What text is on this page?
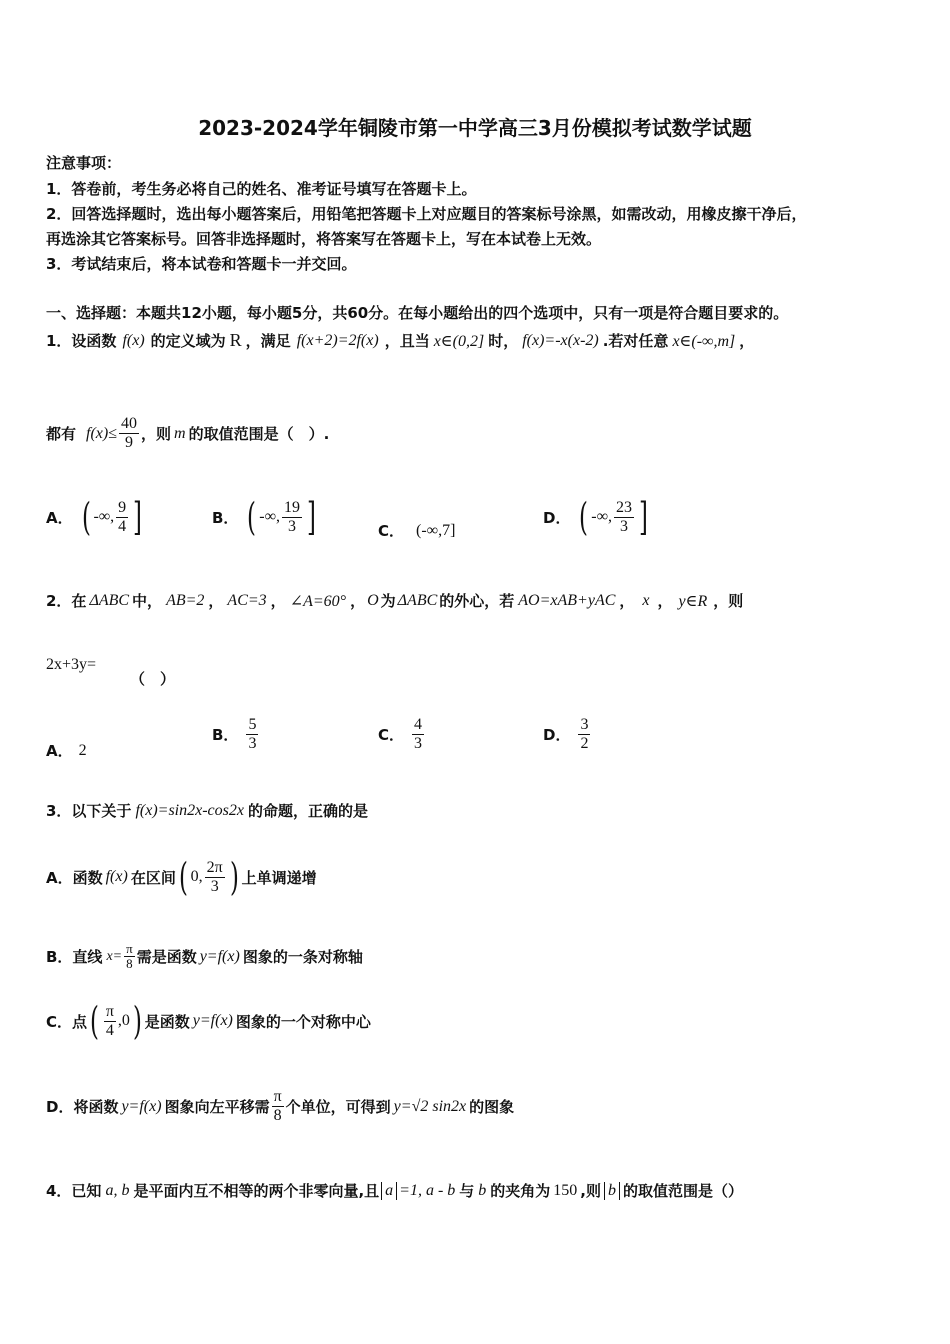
2023-2024学年铜陵市第一中学高三3月份模拟考试数学试题
注意事项：
1．答卷前，考生务必将自己的姓名、准考证号填写在答题卡上。
2．回答选择题时，选出每小题答案后，用铅笔把答题卡上对应题目的答案标号涂黑，如需改动，用橡皮擦干净后，
再选涂其它答案标号。回答非选择题时，将答案写在答题卡上，写在本试卷上无效。
3．考试结束后，将本试卷和答题卡一并交回。
一、选择题：本题共12小题，每小题5分，共60分。在每小题给出的四个选项中，只有一项是符合题目要求的。
1．设函数 f(x) 的定义域为 R ，满足 f(x+2)=2f(x) ，且当 x∈(0,2] 时， f(x)=-x(x-2) .若对任意 x∈(-∞,m] ，
都有 $f(x)\le \frac{40}{9}$ ，则 m 的取值范围是（　）.
A． ( -∞, $\frac{9}{4}$ ]	B． ( -∞, $\frac{19}{3}$ ]	C． (-∞,7]
D． ( -∞, $\frac{23}{3}$ ]
2．在 ΔABC 中， AB=2 ， AC=3 ， ∠A=60° ， O 为 ΔABC 的外心，若 AO=xAB+yAC ， x ， y∈R ，则
2x+3y=
（　）
A． 2
B． $\frac{5}{3}$	C． $\frac{4}{3}$	D． $\frac{3}{2}$
3．以下关于 f(x)=sin2x-cos2x 的命题，正确的是
A．函数 f(x) 在区间 ( 0, $\frac{2\pi}{3}$ ) 上单调递增
B．直线 $x= \frac{\pi}{8}$ 需是函数 y=f(x) 图象的一条对称轴
C．点 ( $\frac{\pi}{4} ,0$ ) 是函数 y=f(x) 图象的一个对称中心
D．将函数 y=f(x) 图象向左平移需 $\frac{\pi}{8}$ 个单位，可得到 y=√2 sin2x 的图象
4．已知 a, b 是平面内互不相等的两个非零向量,且 a =1, a - b 与 b 的夹角为 150 ,则 b 的取值范围是（）
